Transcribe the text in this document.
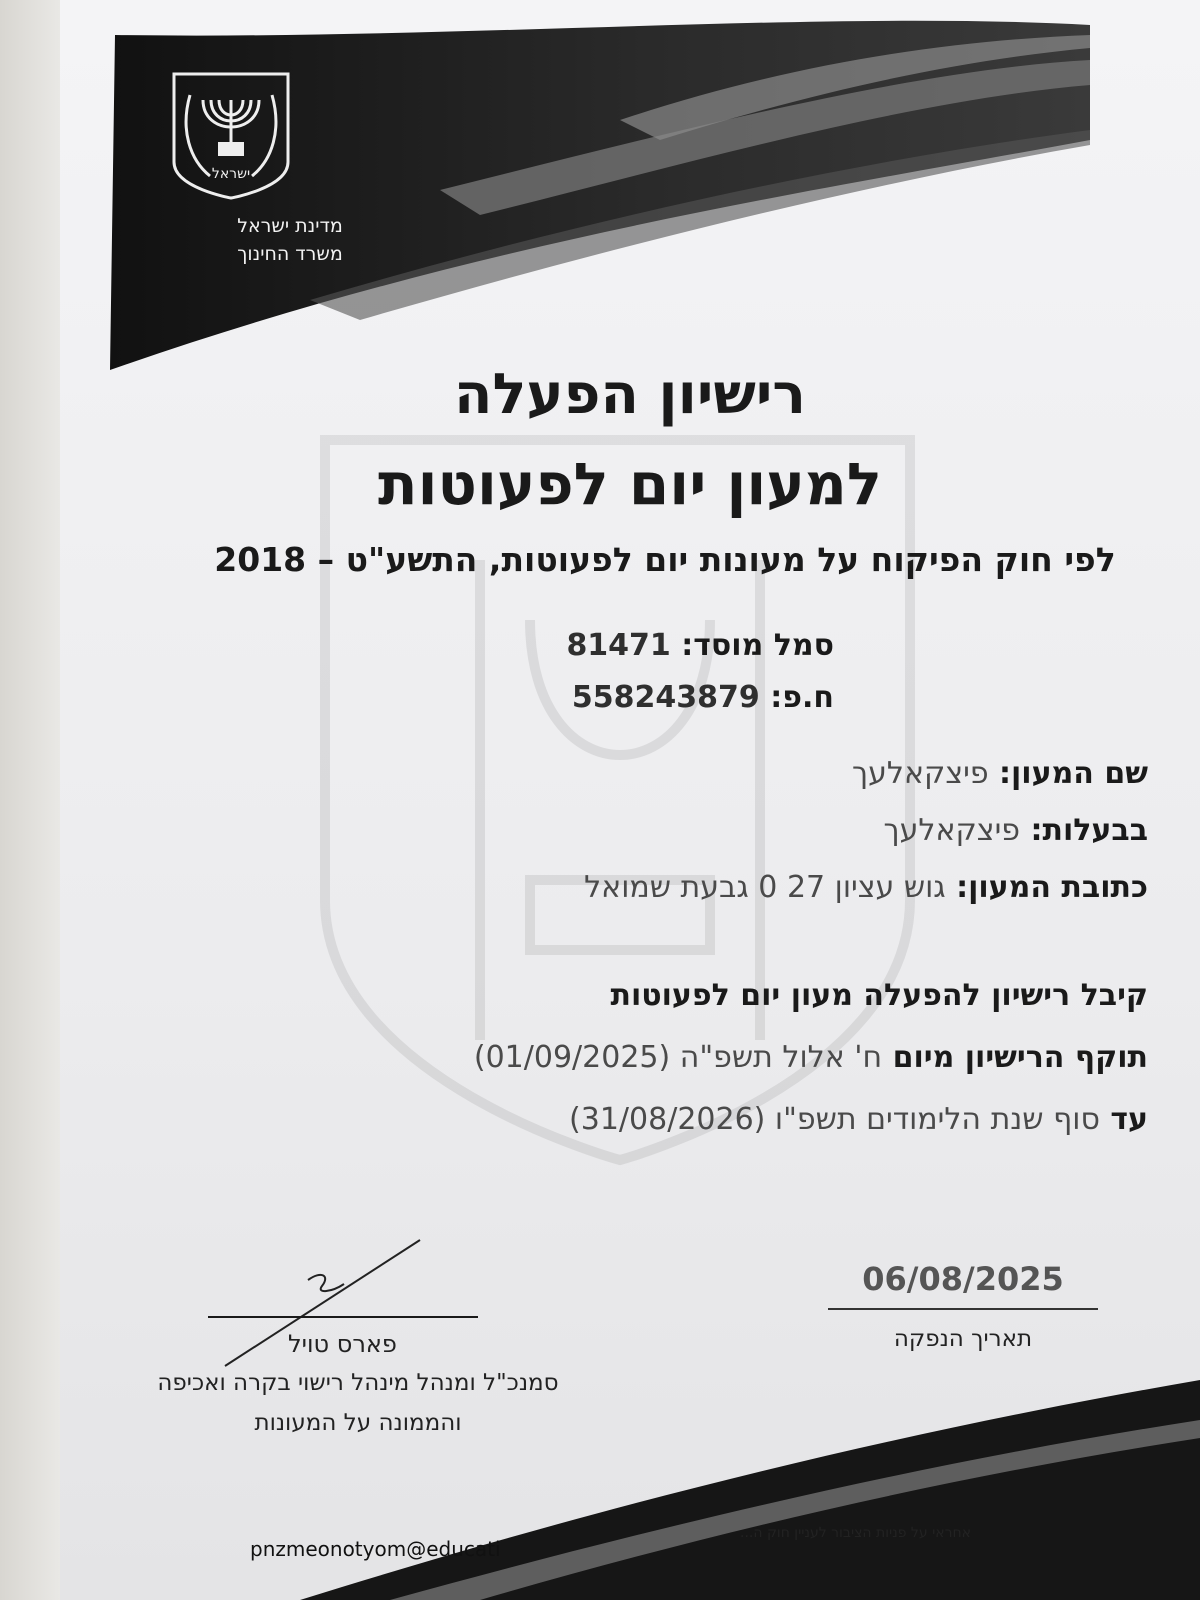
ישראל
מדינת ישראל
משרד החינוך
רישיון הפעלה
למעון יום לפעוטות
לפי חוק הפיקוח על מעונות יום לפעוטות, התשע"ט – 2018
סמל מוסד: 81471
ח.פ: 558243879
שם המעון: פיצקאלעך
בבעלות: פיצקאלעך
כתובת המעון: גוש עציון 27 0 גבעת שמואל
קיבל רישיון להפעלה מעון יום לפעוטות
תוקף הרישיון מיום ח' אלול תשפ"ה (01/09/2025)
עד סוף שנת הלימודים תשפ"ו (31/08/2026)
פארס טויל
סמנכ"ל ומנהל מינהל רישוי בקרה ואכיפה
והממונה על המעונות
06/08/2025
תאריך הנפקה
pnzmeonotyom@educati
אחראי על פניות הציבור לעניין חוק ה...
